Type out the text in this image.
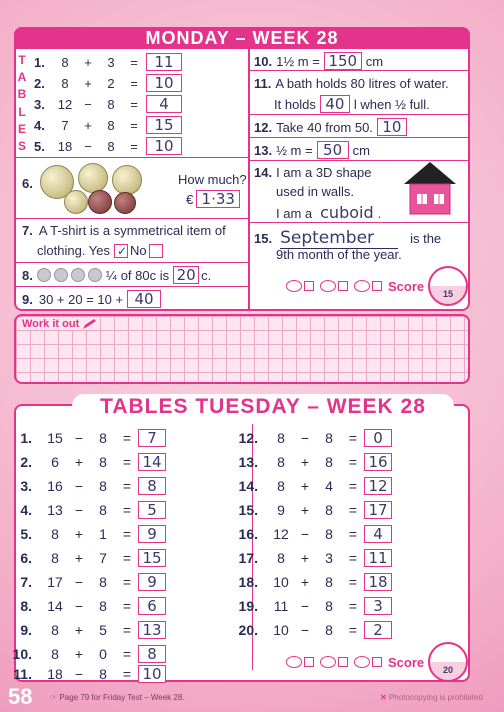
MONDAY – WEEK 28
T
A
B
L
E
S
1.	8	+	3	=	11
2.	8	+	2	=	10
3. 12 −	8	=	4
4.	7	+	8	=	15
5. 18 −	8	=	10
6.	How much?
€ 1·33
7. A T-shirt is a symmetrical item of
clothing. Yes ✓ No
8.	¼ of 80c is 20 c.
9. 30 + 20 = 10 + 40
10. 1½ m = 150 cm
11. A bath holds 80 litres of water.
It holds 40 l when ½ full.
12. Take 40 from 50. 10
13. ½ m = 50 cm
14. I am a 3D shape
used in walls.
I am a cuboid .
15. September	is the
9th month of the year.
Score	15
Work it out
TABLES TUESDAY – WEEK 28
1.	15 −	8	=	7
2.	6	+	8	= 14
3.	16 −	8	=	8
4.	13 −	8	=	5
5.	8	+	1	=	9
6.	8	+	7	= 15
7.	17 −	8	=	9
8.	14 −	8	=	6
9.	8	+	5	= 13
10.	8	+	0	=	8
11.	18 −	8	= 10
12.	8	−	8	=	0
13.	8	+	8	= 16
14.	8	+	4	= 12
15.	9	+	8	= 17
16.	12 −	8	=	4
17.	8	+	3	= 11
18.	10 +	8	= 18
19.	11 −	8	=	3
20.	10 −	8	=	2
Score	20
58 ☞ Page 79 for Friday Test – Week 28.	✕ Photocopying is prohibited
